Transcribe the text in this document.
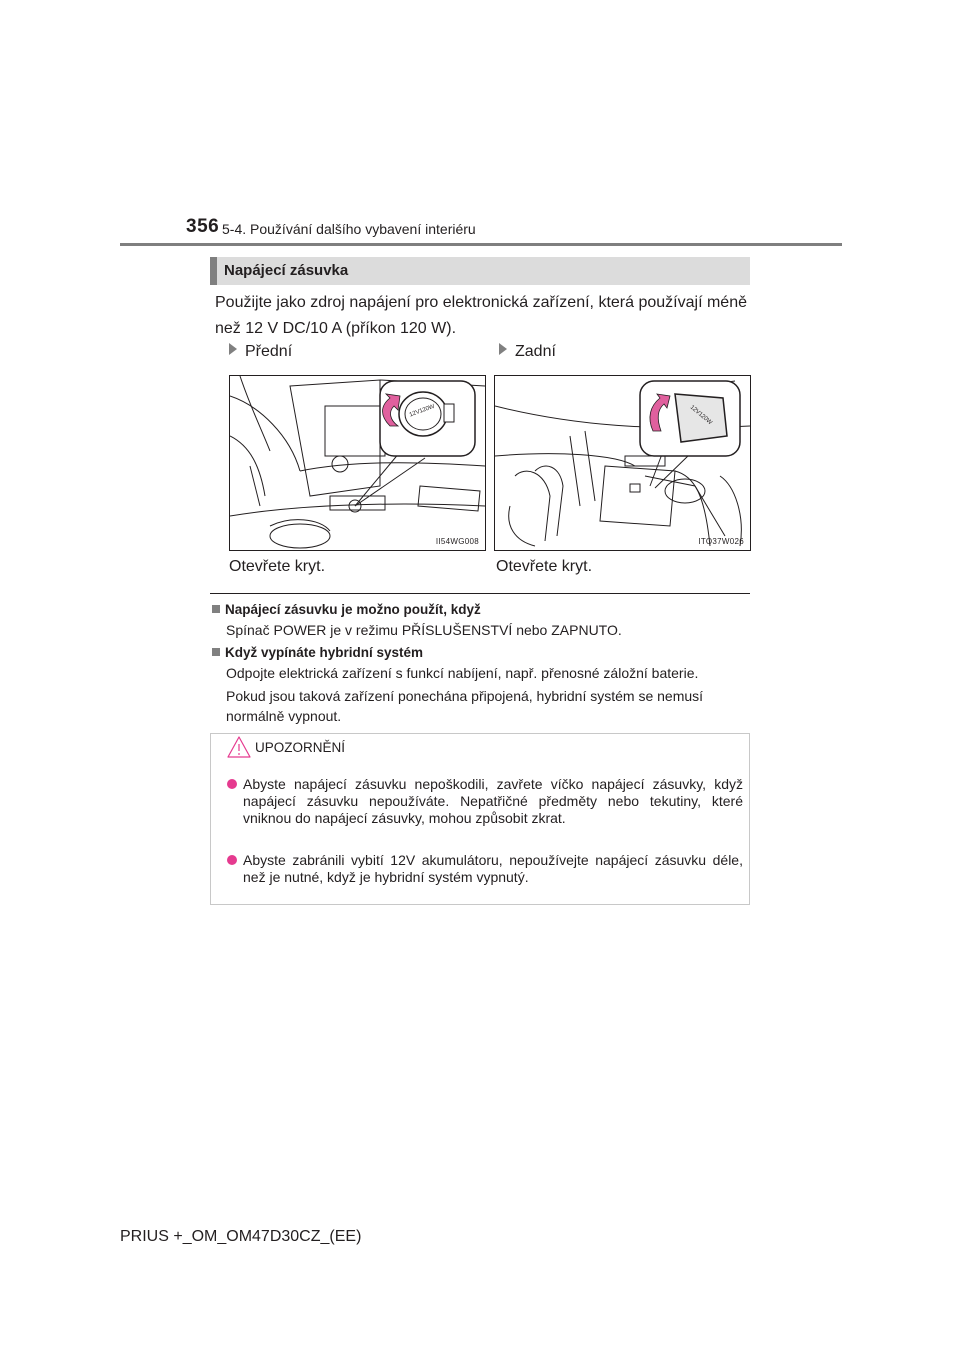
356 5-4. Používání dalšího vybavení interiéru
Napájecí zásuvka
Použijte jako zdroj napájení pro elektronická zařízení, která používají méně než 12 V DC/10 A (příkon 120 W).
Přední	Zadní
12V120W
II54WG008
12V120W
ITO37W026
Otevřete kryt.	Otevřete kryt.
Napájecí zásuvku je možno použít, když
Spínač POWER je v režimu PŘÍSLUŠENSTVÍ nebo ZAPNUTO.
Když vypínáte hybridní systém
Odpojte elektrická zařízení s funkcí nabíjení, např. přenosné záložní baterie.
Pokud jsou taková zařízení ponechána připojená, hybridní systém se nemusí normálně vypnout.
UPOZORNĚNÍ
Abyste napájecí zásuvku nepoškodili, zavřete víčko napájecí zásuvky, když napájecí zásuvku nepoužíváte. Nepatřičné předměty nebo tekutiny, které vniknou do napájecí zásuvky, mohou způsobit zkrat.
Abyste zabránili vybití 12V akumulátoru, nepoužívejte napájecí zásuvku déle, než je nutné, když je hybridní systém vypnutý.
PRIUS +_OM_OM47D30CZ_(EE)
